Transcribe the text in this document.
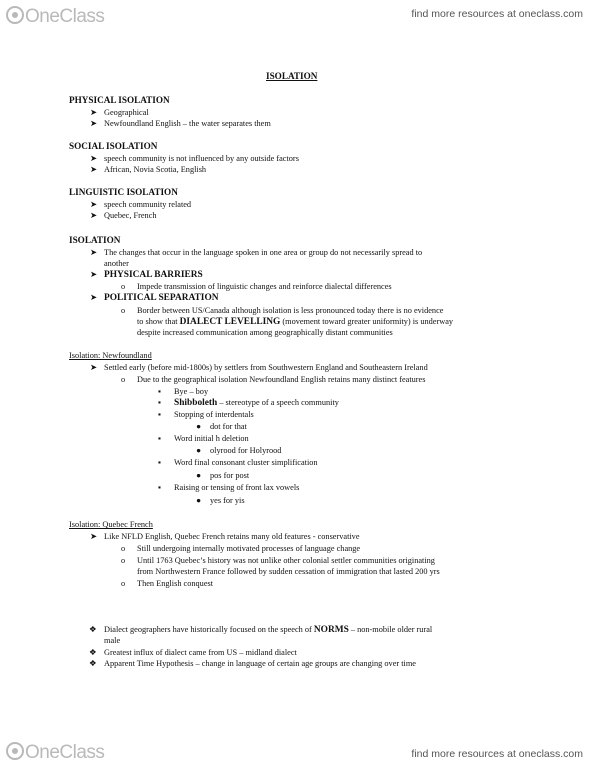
OneClass	find more resources at oneclass.com
ISOLATION
PHYSICAL ISOLATION
➤ Geographical
➤ Newfoundland English – the water separates them
SOCIAL ISOLATION
➤ speech community is not influenced by any outside factors
➤ African, Novia Scotia, English
LINGUISTIC ISOLATION
➤ speech community related
➤ Quebec, French
ISOLATION
➤ The changes that occur in the language spoken in one area or group do not necessarily spread to
another
➤ PHYSICAL BARRIERS
o Impede transmission of linguistic changes and reinforce dialectal differences
➤ POLITICAL SEPARATION
o Border between US/Canada although isolation is less pronounced today there is no evidence
to show that DIALECT LEVELLING (movement toward greater uniformity) is underway
despite increased communication among geographically distant communities
Isolation: Newfoundland
➤ Settled early (before mid-1800s) by settlers from Southwestern England and Southeastern Ireland
o Due to the geographical isolation Newfoundland English retains many distinct features
▪ Bye – boy
▪ Shibboleth – stereotype of a speech community
▪ Stopping of interdentals
● dot for that
▪ Word initial h deletion
● olyrood for Holyrood
▪ Word final consonant cluster simplification
● pos for post
▪ Raising or tensing of front lax vowels
● yes for yis
Isolation: Quebec French
➤ Like NFLD English, Quebec French retains many old features - conservative
o Still undergoing internally motivated processes of language change
o Until 1763 Quebec’s history was not unlike other colonial settler communities originating
from Northwestern France followed by sudden cessation of immigration that lasted 200 yrs
o Then English conquest
❖ Dialect geographers have historically focused on the speech of NORMS – non-mobile older rural
male
❖ Greatest influx of dialect came from US – midland dialect
❖ Apparent Time Hypothesis – change in language of certain age groups are changing over time
OneClass	find more resources at oneclass.com
